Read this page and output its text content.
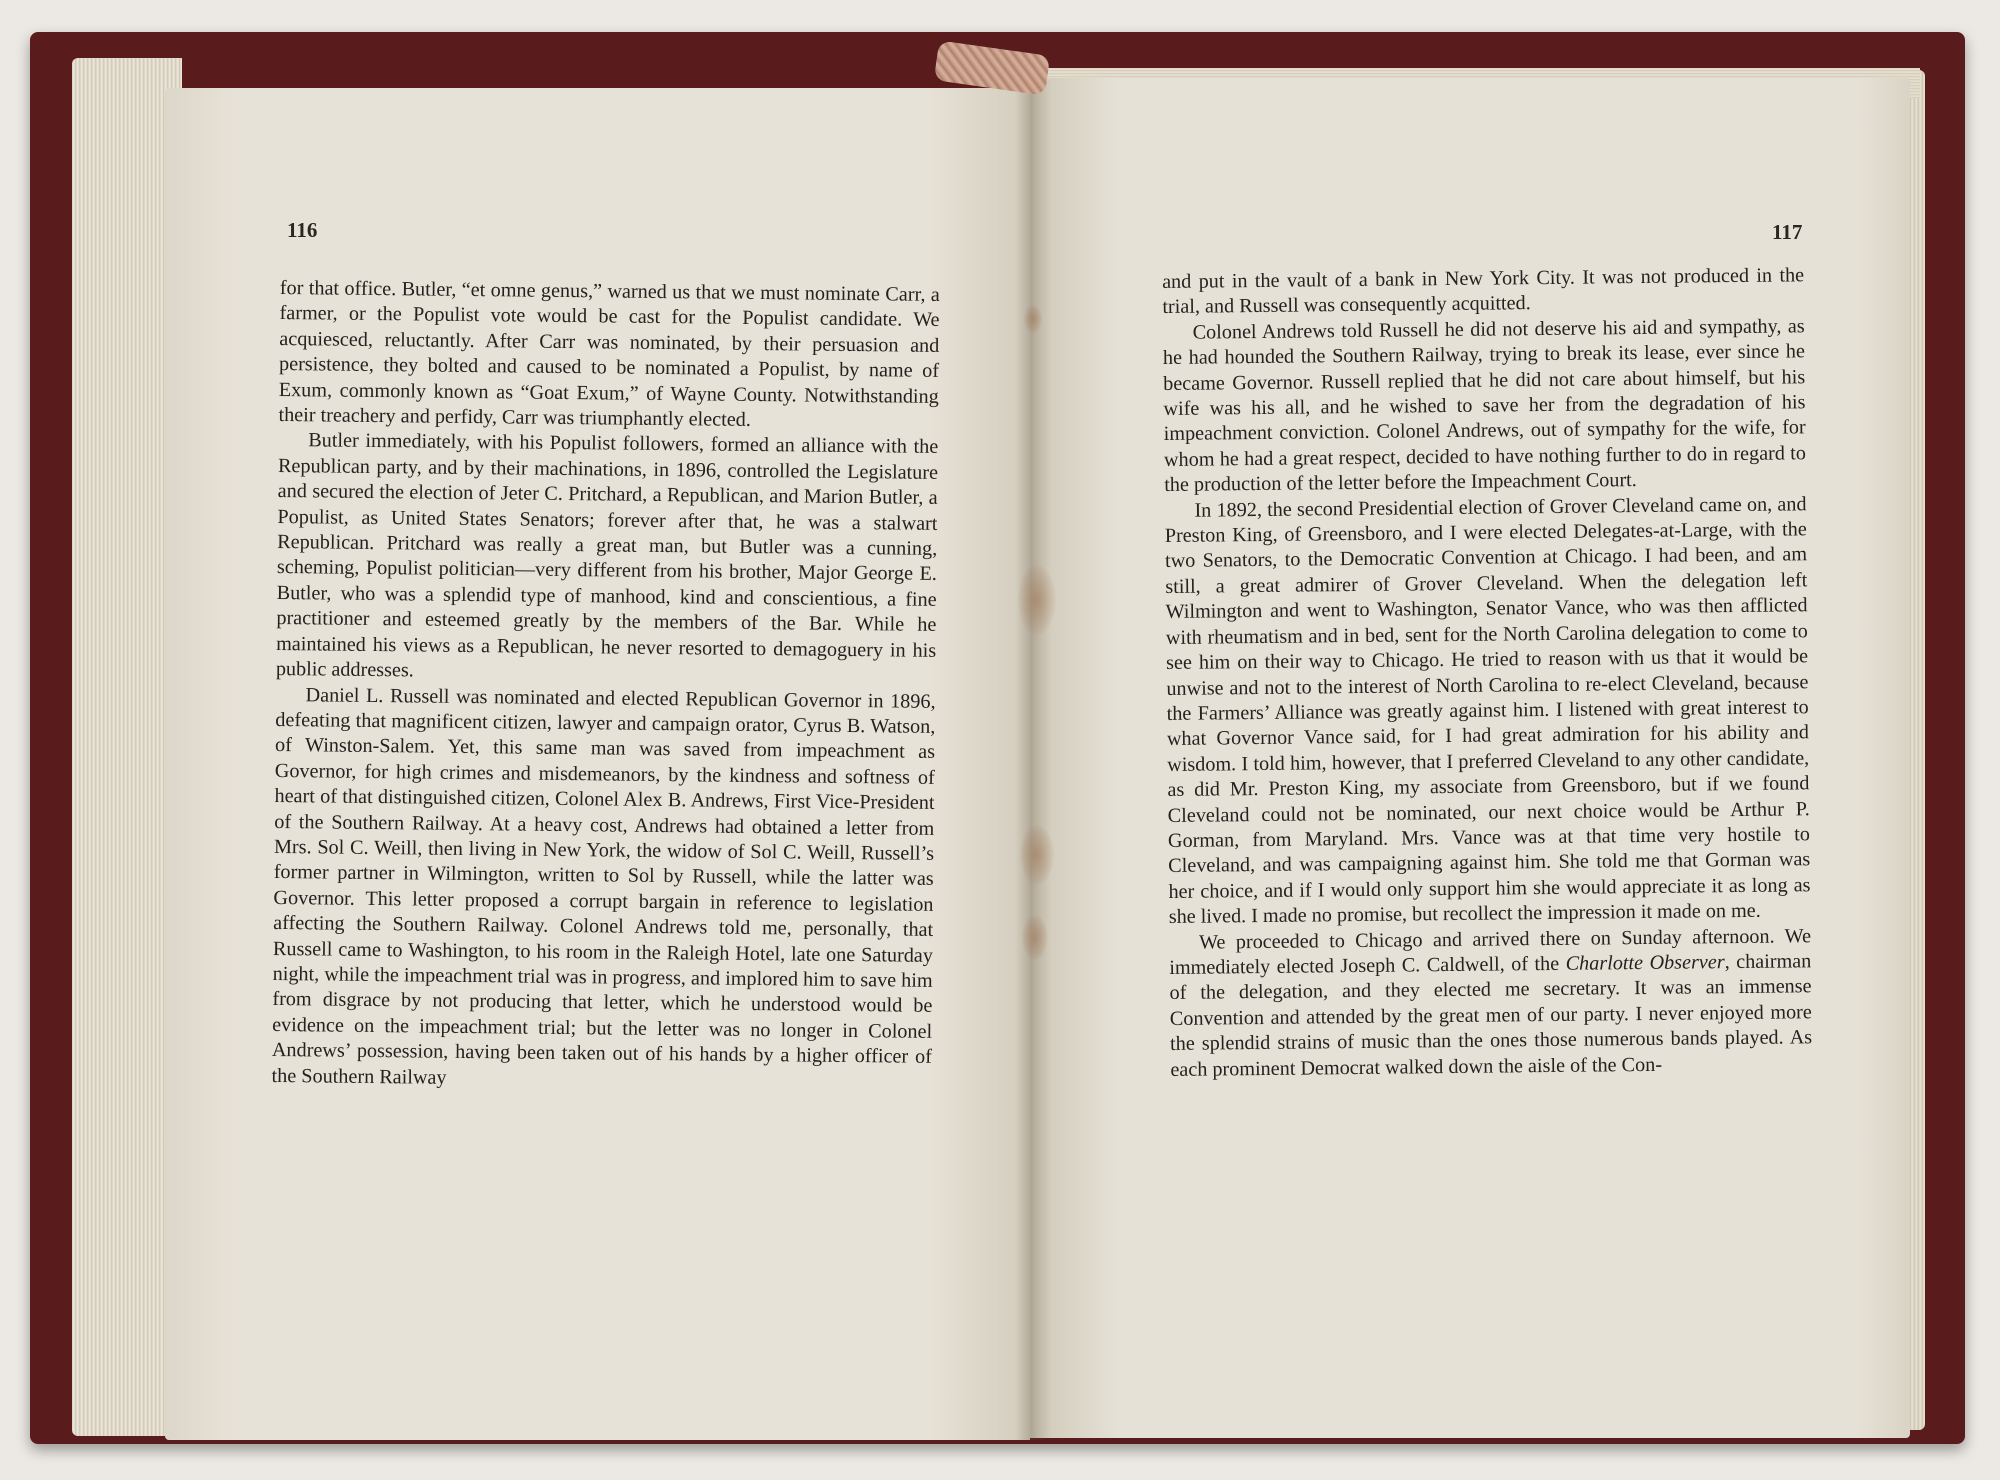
116	117

for that office. Butler, “et omne genus,” warned us that we must nominate Carr, a farmer, or the Populist vote would be cast for the Populist candidate. We acquiesced, reluctantly. After Carr was nominated, by their persuasion and persistence, they bolted and caused to be nominated a Populist, by name of Exum, commonly known as “Goat Exum,” of Wayne County. Notwithstanding their treachery and perfidy, Carr was triumphantly elected.

Butler immediately, with his Populist followers, formed an alliance with the Republican party, and by their machinations, in 1896, controlled the Legislature and secured the election of Jeter C. Pritchard, a Republican, and Marion Butler, a Populist, as United States Senators; forever after that, he was a stalwart Republican. Pritchard was really a great man, but Butler was a cunning, scheming, Populist politician—very different from his brother, Major George E. Butler, who was a splendid type of manhood, kind and conscientious, a fine practitioner and esteemed greatly by the members of the Bar. While he maintained his views as a Republican, he never resorted to demagoguery in his public addresses.

Daniel L. Russell was nominated and elected Republican Governor in 1896, defeating that magnificent citizen, lawyer and campaign orator, Cyrus B. Watson, of Winston-Salem. Yet, this same man was saved from impeachment as Governor, for high crimes and misdemeanors, by the kindness and softness of heart of that distinguished citizen, Colonel Alex B. Andrews, First Vice-President of the Southern Railway. At a heavy cost, Andrews had obtained a letter from Mrs. Sol C. Weill, then living in New York, the widow of Sol C. Weill, Russell’s former partner in Wilmington, written to Sol by Russell, while the latter was Governor. This letter proposed a corrupt bargain in reference to legislation affecting the Southern Railway. Colonel Andrews told me, personally, that Russell came to Washington, to his room in the Raleigh Hotel, late one Saturday night, while the impeachment trial was in progress, and implored him to save him from disgrace by not producing that letter, which he understood would be evidence on the impeachment trial; but the letter was no longer in Colonel Andrews’ possession, having been taken out of his hands by a higher officer of the Southern Railway

and put in the vault of a bank in New York City. It was not produced in the trial, and Russell was consequently acquitted.

Colonel Andrews told Russell he did not deserve his aid and sympathy, as he had hounded the Southern Railway, trying to break its lease, ever since he became Governor. Russell replied that he did not care about himself, but his wife was his all, and he wished to save her from the degradation of his impeachment conviction. Colonel Andrews, out of sympathy for the wife, for whom he had a great respect, decided to have nothing further to do in regard to the production of the letter before the Impeachment Court.

In 1892, the second Presidential election of Grover Cleveland came on, and Preston King, of Greensboro, and I were elected Delegates-at-Large, with the two Senators, to the Democratic Convention at Chicago. I had been, and am still, a great admirer of Grover Cleveland. When the delegation left Wilmington and went to Washington, Senator Vance, who was then afflicted with rheumatism and in bed, sent for the North Carolina delegation to come to see him on their way to Chicago. He tried to reason with us that it would be unwise and not to the interest of North Carolina to re-elect Cleveland, because the Farmers’ Alliance was greatly against him. I listened with great interest to what Governor Vance said, for I had great admiration for his ability and wisdom. I told him, however, that I preferred Cleveland to any other candidate, as did Mr. Preston King, my associate from Greensboro, but if we found Cleveland could not be nominated, our next choice would be Arthur P. Gorman, from Maryland. Mrs. Vance was at that time very hostile to Cleveland, and was campaigning against him. She told me that Gorman was her choice, and if I would only support him she would appreciate it as long as she lived. I made no promise, but recollect the impression it made on me.

We proceeded to Chicago and arrived there on Sunday afternoon. We immediately elected Joseph C. Caldwell, of the Charlotte Observer, chairman of the delegation, and they elected me secretary. It was an immense Convention and attended by the great men of our party. I never enjoyed more the splendid strains of music than the ones those numerous bands played. As each prominent Democrat walked down the aisle of the Con-
